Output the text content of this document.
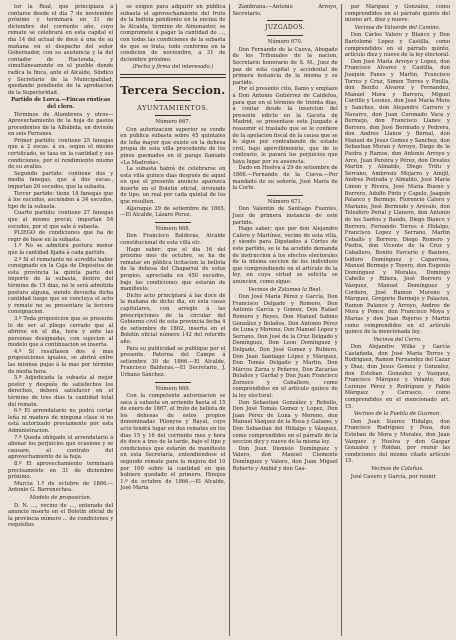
tor la Real, que principiará á contarse desde el dia 7 de noviembre próximo y terminará en 31 de diciembre del corriente año, cuyo remate se celebrará en esta capital el dia 14 del actual de doce á una de su mañana en el despacho del señor Gobernador, con su asistencia y la del contador de Hacienda, y simultáneamente en el pueblo donde radica la finca, ante el Alcalde, Síndico y Secretario de la Municipalidad, quedando pendiente de la aprobacion de la Superioridad.

Partido de Lorca.—Fincas rústicas del clero.

Términos de Alumbrera y otros—Aprovechamiento de la hoja de pastos procedentes de la Alhábida, en división en seis Ferranes.

Primer partido: contiene 25 fanegas que á 2 escas. á su. segun el mismo certificado, se tasa en la cantidad y sus condiciones, por el rendimiento mismo de su avalúo.

Segundo partido: contiene dos y media fanegas, que á dos escas., importan 26 escudos, que la subasta.

Tercer partido: tiene 18 fanegas que á los escudos, ascienden á 34 escudos, tipo de la subasta.

Cuarto partido: contiene 27 fanegas que al mismo precio, importan 54 escudos, por el que sale á subasta.

PLIEGO de condiciones que ha de regir de base en la subasta.

1.º No se admitirá postura menor que la cantidad fijada á cada partido.

2.º Si el rematante no acredita haber consignado en la Caja de Depósitos de esta provincia la quinta parte del importe de la subasta, dentro del término de 15 dias, no le será admitida postura alguna, siendo devuelta dicha cantidad luego que se concluya el acto y remate no se presentare la tercera consignacion.

3.º Toda proposicion que se presente lo de ser al pliego cerrado que al abrirse en el dia, hora y ante las personas designadas, con sujecion al modelo que á continuacion se inserta.

4.º Si resultasen dos ó mas proposiciones iguales, se abrirá entre las mismas pujas á la mas por término de media hora.

5.º Adjudicada la subasta al mejor postor y después de satisfechos los derechos, deberá satisfacer en el término de tres dias la cantidad total del remate.

6.º El arrendatario no podrá cortar leña ni madera de ninguna clase si no está autorizado previamente por esta Administracion.

7.º Queda obligado el arrendatario á abonar los perjuicios que ocasione y se causare, el contrato del aprovechamiento de la hoja.

8.º El aprovechamiento terminará precisamente en 31 de diciembre próximo.

Murcia 1.º de octubre de 1866.—Antonio G. Barrenechea.

Modelo de proposicion.

D. N. ..., vecino de ..., enterado del anuncio inserto en el Boletín oficial de la provincia número ... de condiciones y requisitos

se exigen para adquirir en pública subasta el aprovechamiento del fruto de la bellota pendiente en la encina de la Alcaida, término de Almonaster, se compromete á pagar la cantidad de ..., con todas las condiciones de la subasta de que se trata, todo conforme en la condicion de noviembre, a 31 de diciembre próximo.

(Fecha y firma del interesado.)

Tercera Seccion.
AYUNTAMIENTOS.
Número 667.

Con autorizacion superior se vende en pública subasta sobre 45 quintales de leña mayor que existe en la dehesa propia de esta villa procedente de los pinos quemados en el paraje llamado «La Madroña».

La subasta habrá de celebrarse en esta villa quince dias después de aquel en que el presente anuncio aparezca inserto en el Boletín oficial, sirviendo de tipo, un real por cada quintal de los que resulten.

Aljaraque 29 de setiembre de 1865.—El Alcalde, Lázaro Pérez.

Número 668.

Don Francisco Balderas, Alcalde constitucional de esta villa etc.

Hago saber: que el dia 16 del próximo mes de octubre, se ha de rematar en pública licitacion la bellota de la dehesa del Chaparral de estos propios, apreciada en 450 escudos, bajo las condiciones que estarán de manifiesto.

Dicho acto principiará á las doce de la mañana de dicho dia, en esta casas capitulares, con arreglo á las prescripciones de la circular del Gobierno civil de esta provincia fecha 4 de setiembre de 1862, inserta en el Boletín oficial número 142 del referido año.

Para su publicidad se publique por el presente. Paterna del Campo á setiembre 30 de 1866.—El Alcalde, Francisco Balderas.—El Secretario, J. Urbano Sánchez.

Número 669.

Con la competente autorizacion se saca á subasta en arriendo hasta el 15 de enero de 1867, el fruto de bellota de los dehesas de estos propios denominadas Pilonyos y Bayal, cuyo acto tendrá lugar en dos remates en los dias 15 y 16 del corriente mes y hora de doce á tres de la tarde, bajo el tipo y condiciones que estarán de manifiesto en esta Secretaría, entendiéndose el segundo remate para la mejora del 10 por 100 sobre la cantidad en que hubiere quedado el primero. Hinojos 1.º de octubre de 1866.—El Alcalde, José María

Zambrana.—Antonio Arroyo, Secretario.

JUZGADOS.
Número 670.

Don Fernando de la Cueva, Abogado de los Tribunales de la nacion, Secretario honorario de S. M., Juez de paz de esta capital y accidental de primera instancia de la misma y su partido.

Por el presente cito, llamo y emplazo á Don Antonio Gutiérrez de Caldefoa, para que en el término de treinta dias, á contar desde la insercion del presente edicto en la Gaceta de Madrid, se presentase este Juzgado á reasumir el traslado que se le confiere de la apelacion fiscal de la causa que se le sigue por contrabando de estado civil, bajo apercibimiento, que de lo contrario, le parará los perjuicios que haya lugar por su ausencia.

Dado en Huelva á 29 de setiembre de 1866.—Fernando de la Cueva.—Por mandado de su señoría, José María de la Corte.

Número 671.

Don Valentín de Santiago Fuentes, Juez de primera instancia de este partido.

Hago saber: que por don Alejandro Calero y Martínez, vecino de esta villa, y siendo para Diputados á Córtes de este partido, se le ha acudido demanda de instruccion á los efectos electorales de la misma seccion de los individuos que comprendiendo en el artículo de la ley, en cuya virtud se solicita se anuncien, como sigue:

Vecinos de Zalamea la Real.

Don José María Pérez y García, Don Francisco Delgado y Romero, Don Antonio García y Gomez, Don Rafael Romero y Reyes, Don Manuel Sabino González y Bolaños, Don Antonio Pérez de Luna y Moreno, Don Manuel López y Serrano, Don José de la Cruz Delgado y Domínguez, Don Leon Domínguez y Delgado, Don José Gomez y Rubiero, Don Juan Santiago López y Márquez, Don Tomás Delgado y Martin, Don Márcos Zarza y Peñeros, Don Zacarías Bolaños y Garfial y Don Juan Francisco Zorzoco y Caballero, como comprendidos en el artículo quince de la ley electoral.

Don Sebastian González y Rebollo, Don José Tomás Gomez y Lopez, Don Juan Pérez de Luna y Moreno, don Manuel Vázquez de la Rosa y Galiano, y Don Sebastian del Hidalgo y Vázquez, como comprendidos en el párrafo de la seccion dicy y nueve de la misma ley.

Don Juan Dionisio Domínguez y Valero, don Manuel Clemente Domínguez y Valero, don Juan Miguel Roberto y Ambid y don Gas-

par Márquez y Gonzalez, como comprendidos en el párrafo quinto del mismo art. diez y nueve.

Vecinos de Valverde del Camino.

Don Cárlos Valero y Blanco y Don Bartolomé Lopez y Castilla, como comprendidos en el párrafo quinto, artículo diez y nueve de la ley electoral.

Don José María Arroyo y Lopez, don Francisco Alvarez y Castilla, don Joaquín Fanes y Martin, Francisco Torres y Cruz, Simon Torres y Pinilla, don Benito Alvarez y Fernandez, Manuel Mora y Barrera, Miguel Carrillo y Leones, don José María Mora y Sanchez, don Alejandro Carrero y Navarro, don Juan Coronado Vaca y Bermejo, don Francisco Llanes y Borrero, don José Bermudo y Pedrera, don Andres Llanos y Bernal, don Manuel de Jesus Gomez y Sanchez, don Sebastian Moran y Arroyo, Diego de la Piedra y Ramos, don Antonio Arroyo y Arce, Juan Pereira y Pérez, don Orestes Martin y Almaldo, Diego Trifu y Serrano, Ambrosio Mojarro y Amijil, Andres Pedrada y Almaldo, José María Limon y Rivera, José María Bueno y Borrero, Adolfo Pinto y Capelo, Joaquín Palanco y Bermejo, Florencio Calero y Mariano, José Bermudo y Arévalo, don Telesforo Perial y Llanero, don Antonio de los Santos y Bando, Diego Blanco y Borrero, Fernando Torres é Hidalgo, Francisco Lopez y Serrano, Martin Ceballo y Borrero, Diego Romero y Piedra, don Vicente de la Cruz y Caballero, Benito Farcerio y Bastero, Isidoro Domínguez y Caparrosa, Manuel Bermejo y Toyero, don Eugenio Domínguez y Morales, Domingo Cabello y Ribera, José Borrero y Vázquez, Manuel Domínguez y Cordero, José Ramon Moreno y Márquez, Gregorio Bermejo y Palacios, Ramon Palanco y Arroyo, Andres de Mora y Ponce, don Francisco Moya y Marías y don Juan Rojeros y Martin como comprendidos en el artículo quince de la mencionada ley.

Vecinos del Cerro.

Don Alejandro Wilks y García Castañeda, don José María Torres y Rodríguez, Ramon Fernandez del Cazar y Diaz, don Jesus Gomez y Gonzalez, don Esteban Gonzalez y Vazquez, Francisco Márquez y Volante, don Lorenzo Pérez y Rodríguez y Pablo Márquez y Carrasco, como comprendidos en el mencionado art. 15.

Vecinos de la Puebla de Guzman.

Don Juan Suarez Hidalgo, don Francisco Rodríguez y Poza, don Esteban de Mora y Morales, don Juan Vázquez y Huelva y don Gaspar Gonzalez y Roldan, por reunir las condiciones del mismo citado artículo 15.

Vecinos de Calañas.

José Cavero y García, por reunir
